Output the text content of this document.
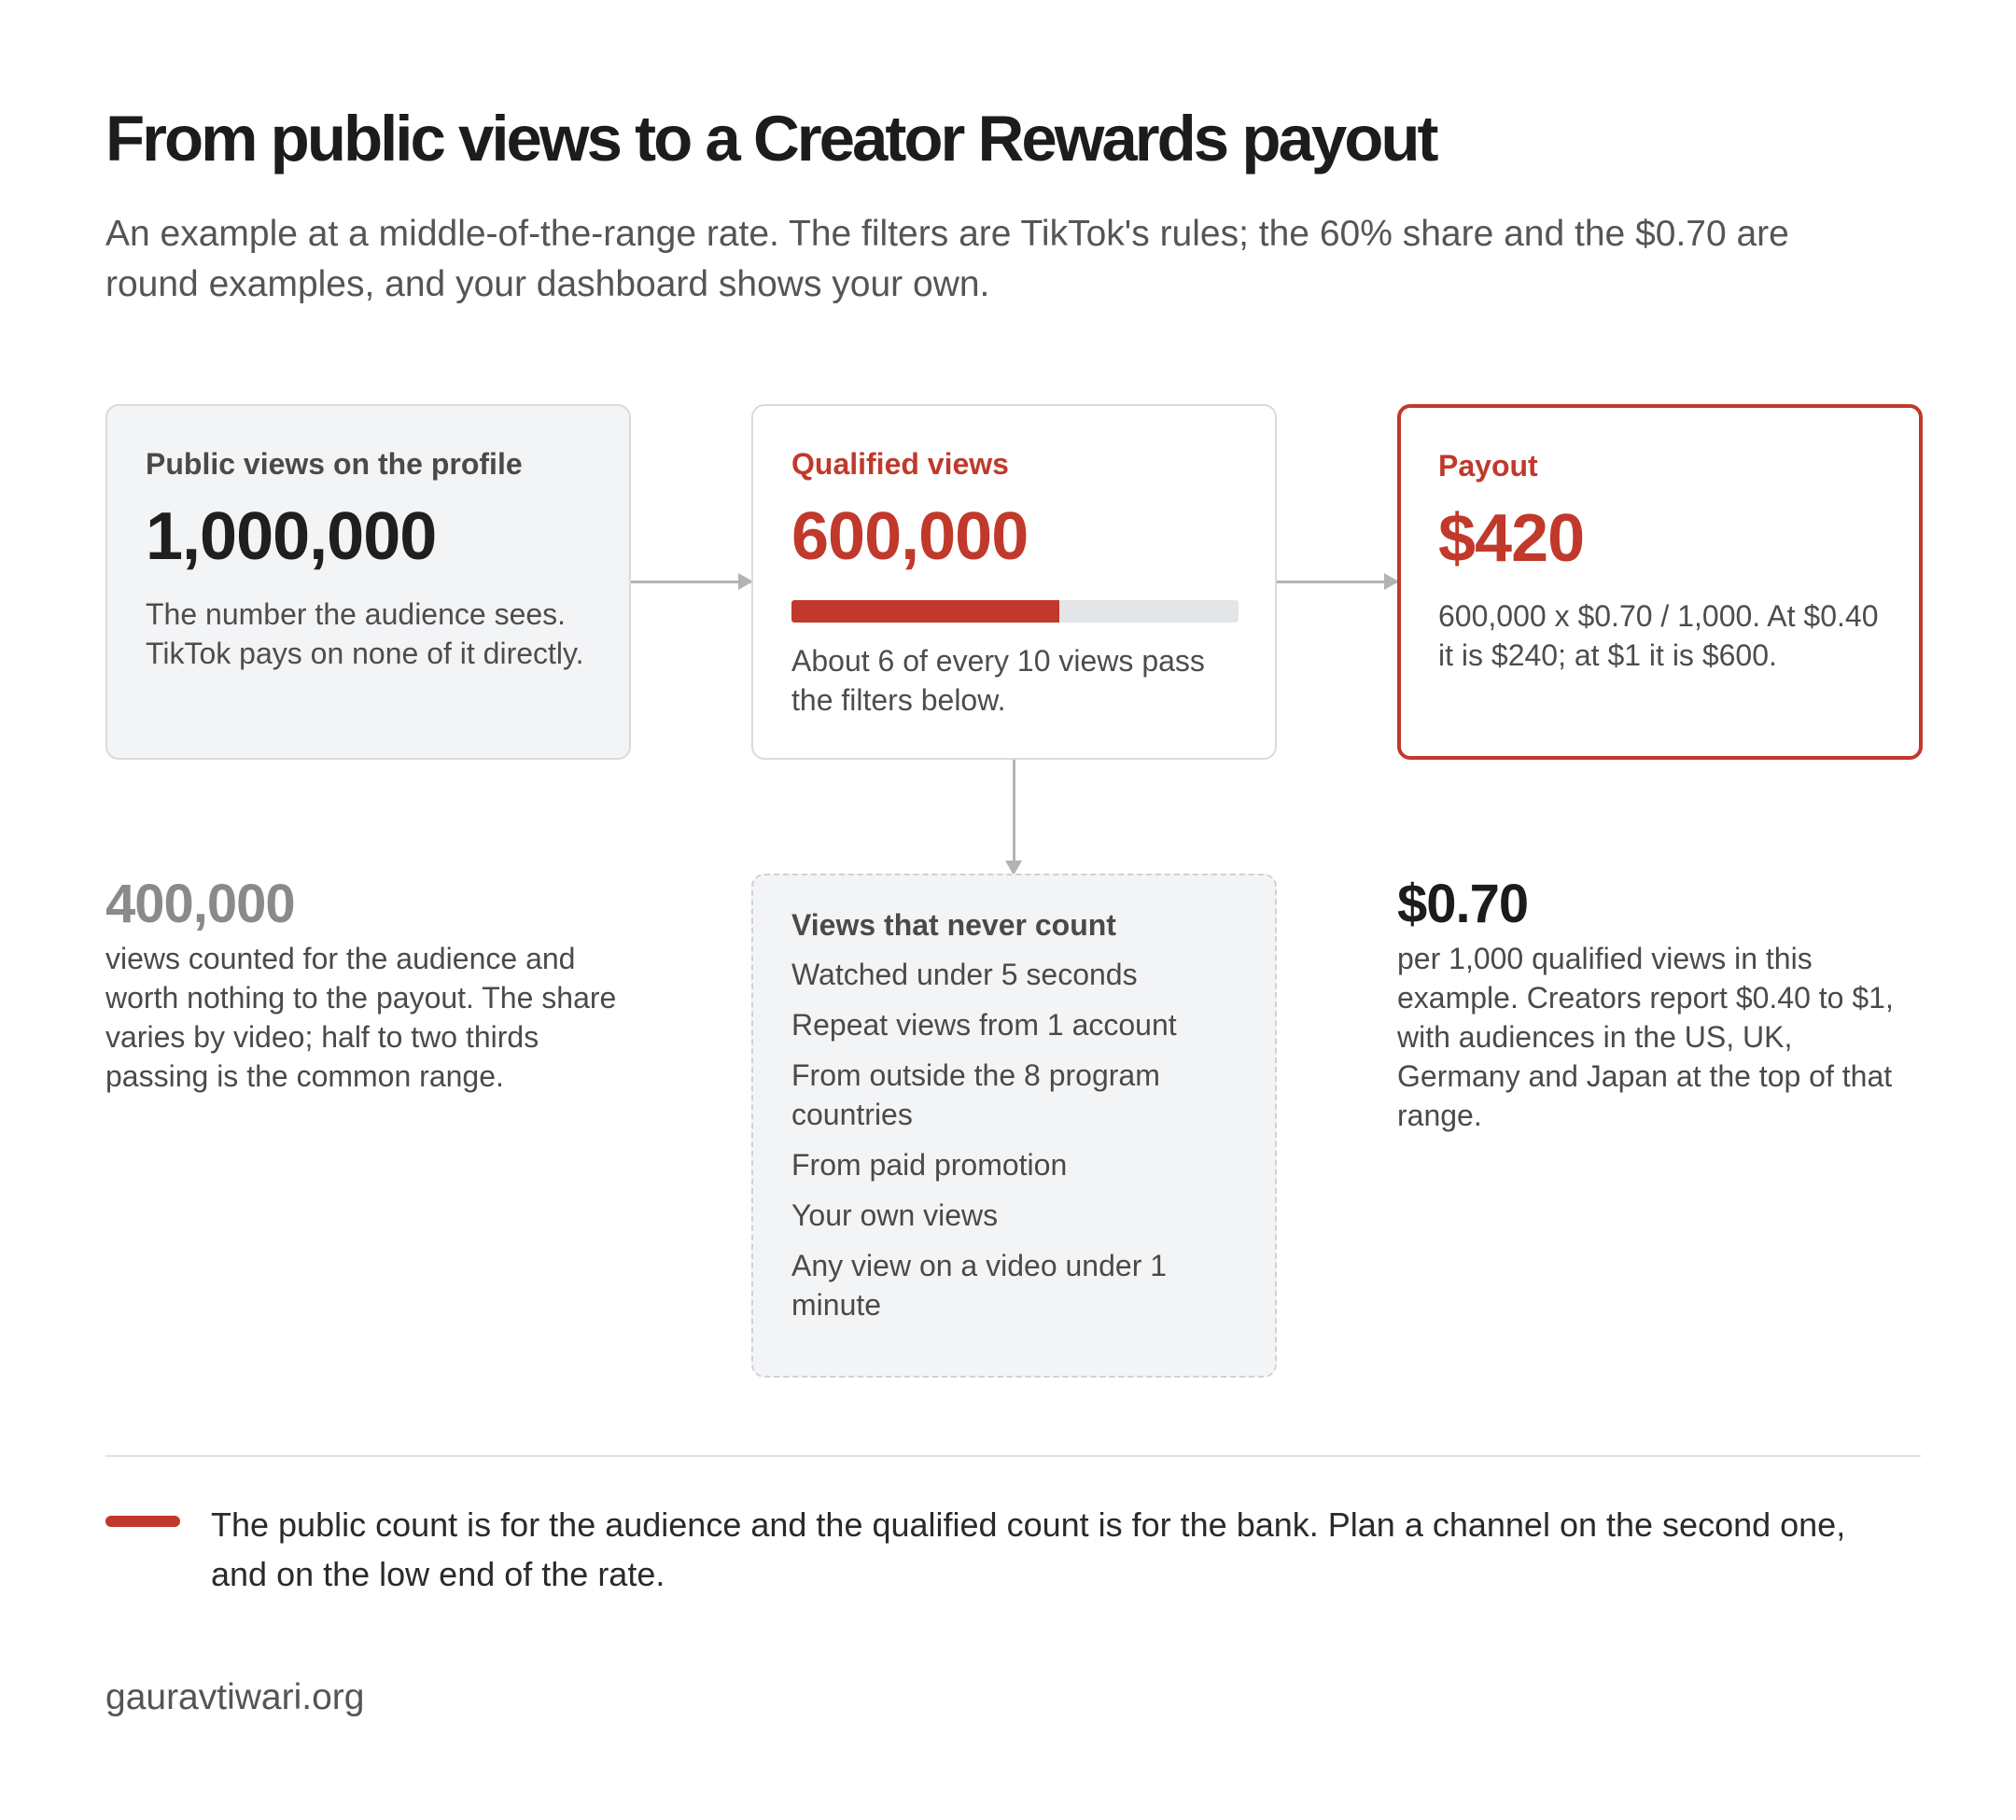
From public views to a Creator Rewards payout
An example at a middle-of-the-range rate. The filters are TikTok's rules; the 60% share and the $0.70 are round examples, and your dashboard shows your own.
Public views on the profile
1,000,000
The number the audience sees. TikTok pays on none of it directly.
Qualified views
600,000
About 6 of every 10 views pass the filters below.
Payout
$420
600,000 x $0.70 / 1,000. At $0.40 it is $240; at $1 it is $600.
400,000
views counted for the audience and worth nothing to the payout. The share varies by video; half to two thirds passing is the common range.
Views that never count
Watched under 5 seconds
Repeat views from 1 account
From outside the 8 program countries
From paid promotion
Your own views
Any view on a video under 1 minute
$0.70
per 1,000 qualified views in this example. Creators report $0.40 to $1, with audiences in the US, UK, Germany and Japan at the top of that range.
The public count is for the audience and the qualified count is for the bank. Plan a channel on the second one, and on the low end of the rate.
gauravtiwari.org
